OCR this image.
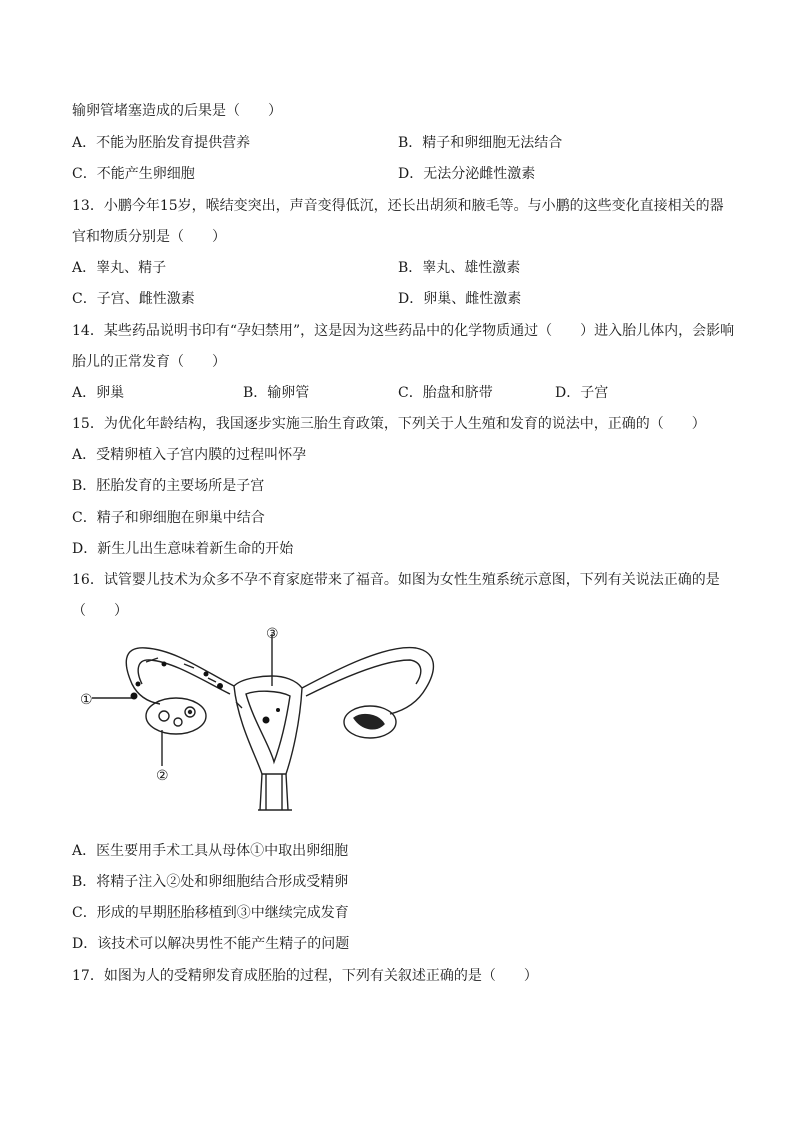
输卵管堵塞造成的后果是（　　）
A．不能为胚胎发育提供营养	B．精子和卵细胞无法结合
C．不能产生卵细胞	D．无法分泌雌性激素
13．小鹏今年15岁，喉结变突出，声音变得低沉，还长出胡须和腋毛等。与小鹏的这些变化直接相关的器
官和物质分别是（　　）
A．睾丸、精子	B．睾丸、雄性激素
C．子宫、雌性激素	D．卵巢、雌性激素
14．某些药品说明书印有“孕妇禁用”，这是因为这些药品中的化学物质通过（　　）进入胎儿体内，会影响
胎儿的正常发育（　　）
A．卵巢	B．输卵管	C．胎盘和脐带	D．子宫
15．为优化年龄结构，我国逐步实施三胎生育政策，下列关于人生殖和发育的说法中，正确的（　　）
A．受精卵植入子宫内膜的过程叫怀孕
B．胚胎发育的主要场所是子宫
C．精子和卵细胞在卵巢中结合
D．新生儿出生意味着新生命的开始
16．试管婴儿技术为众多不孕不育家庭带来了福音。如图为女性生殖系统示意图，下列有关说法正确的是
（　　）
①
②
③
A．医生要用手术工具从母体①中取出卵细胞
B．将精子注入②处和卵细胞结合形成受精卵
C．形成的早期胚胎移植到③中继续完成发育
D．该技术可以解决男性不能产生精子的问题
17．如图为人的受精卵发育成胚胎的过程，下列有关叙述正确的是（　　）
